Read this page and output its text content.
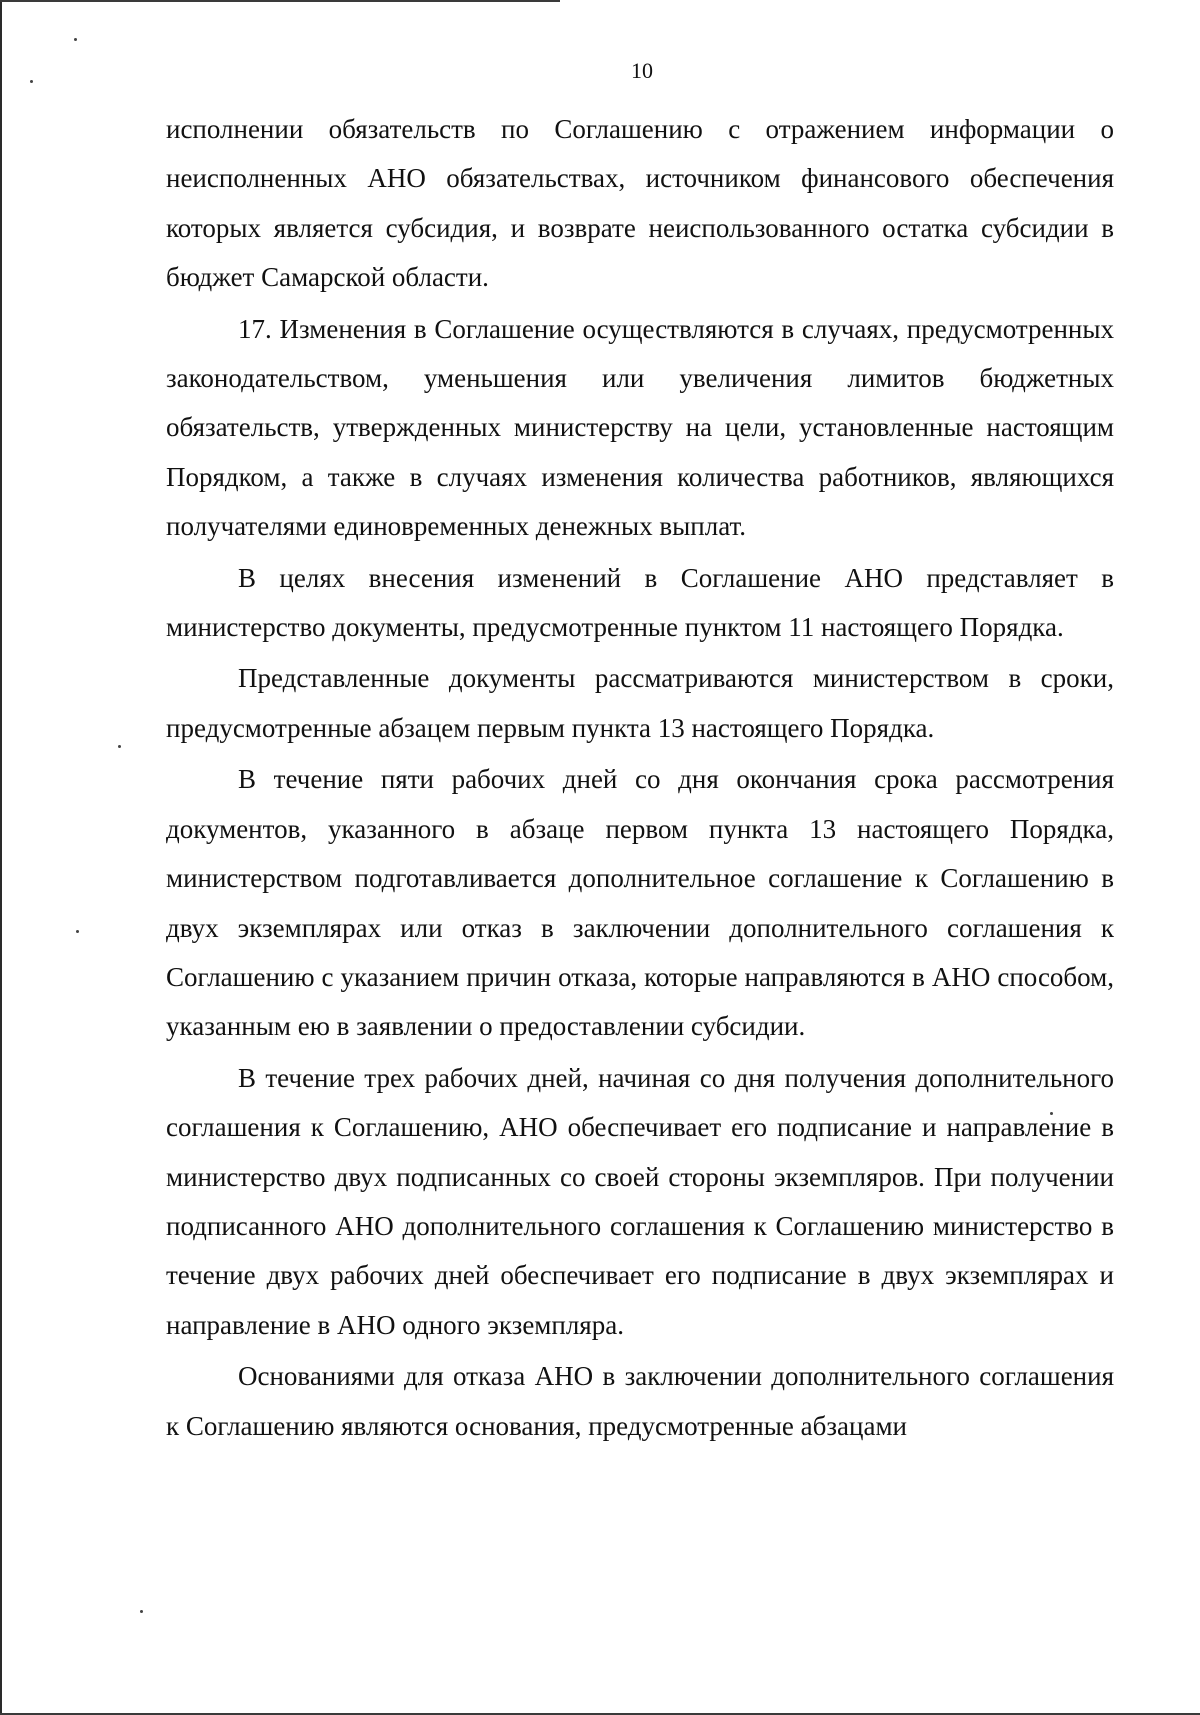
10

исполнении обязательств по Соглашению с отражением информации о неисполненных АНО обязательствах, источником финансового обеспечения которых является субсидия, и возврате неиспользованного остатка субсидии в бюджет Самарской области.

17. Изменения в Соглашение осуществляются в случаях, предусмотренных законодательством, уменьшения или увеличения лимитов бюджетных обязательств, утвержденных министерству на цели, установленные настоящим Порядком, а также в случаях изменения количества работников, являющихся получателями единовременных денежных выплат.

В целях внесения изменений в Соглашение АНО представляет в министерство документы, предусмотренные пунктом 11 настоящего Порядка.

Представленные документы рассматриваются министерством в сроки, предусмотренные абзацем первым пункта 13 настоящего Порядка.

В течение пяти рабочих дней со дня окончания срока рассмотрения документов, указанного в абзаце первом пункта 13 настоящего Порядка, министерством подготавливается дополнительное соглашение к Соглашению в двух экземплярах или отказ в заключении дополнительного соглашения к Соглашению с указанием причин отказа, которые направляются в АНО способом, указанным ею в заявлении о предоставлении субсидии.

В течение трех рабочих дней, начиная со дня получения дополнительного соглашения к Соглашению, АНО обеспечивает его подписание и направление в министерство двух подписанных со своей стороны экземпляров. При получении подписанного АНО дополнительного соглашения к Соглашению министерство в течение двух рабочих дней обеспечивает его подписание в двух экземплярах и направление в АНО одного экземпляра.

Основаниями для отказа АНО в заключении дополнительного соглашения к Соглашению являются основания, предусмотренные абзацами
